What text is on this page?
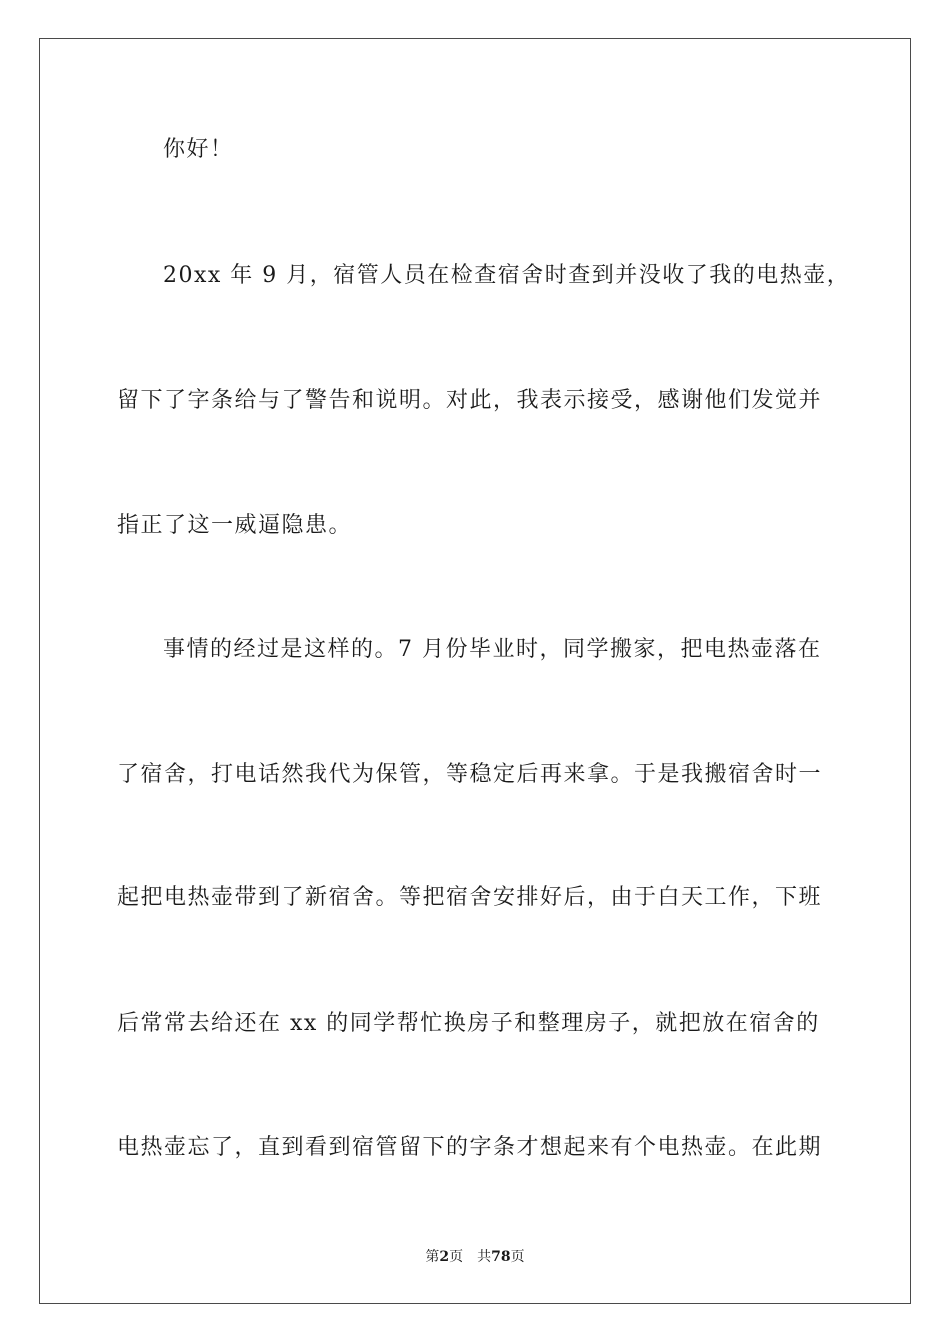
你好！
20xx 年 9 月，宿管人员在检查宿舍时查到并没收了我的电热壶，
留下了字条给与了警告和说明。对此，我表示接受，感谢他们发觉并
指正了这一威逼隐患。
事情的经过是这样的。7 月份毕业时，同学搬家，把电热壶落在
了宿舍，打电话然我代为保管，等稳定后再来拿。于是我搬宿舍时一
起把电热壶带到了新宿舍。等把宿舍安排好后，由于白天工作，下班
后常常去给还在 xx 的同学帮忙换房子和整理房子，就把放在宿舍的
电热壶忘了，直到看到宿管留下的字条才想起来有个电热壶。在此期
第2页 共78页
